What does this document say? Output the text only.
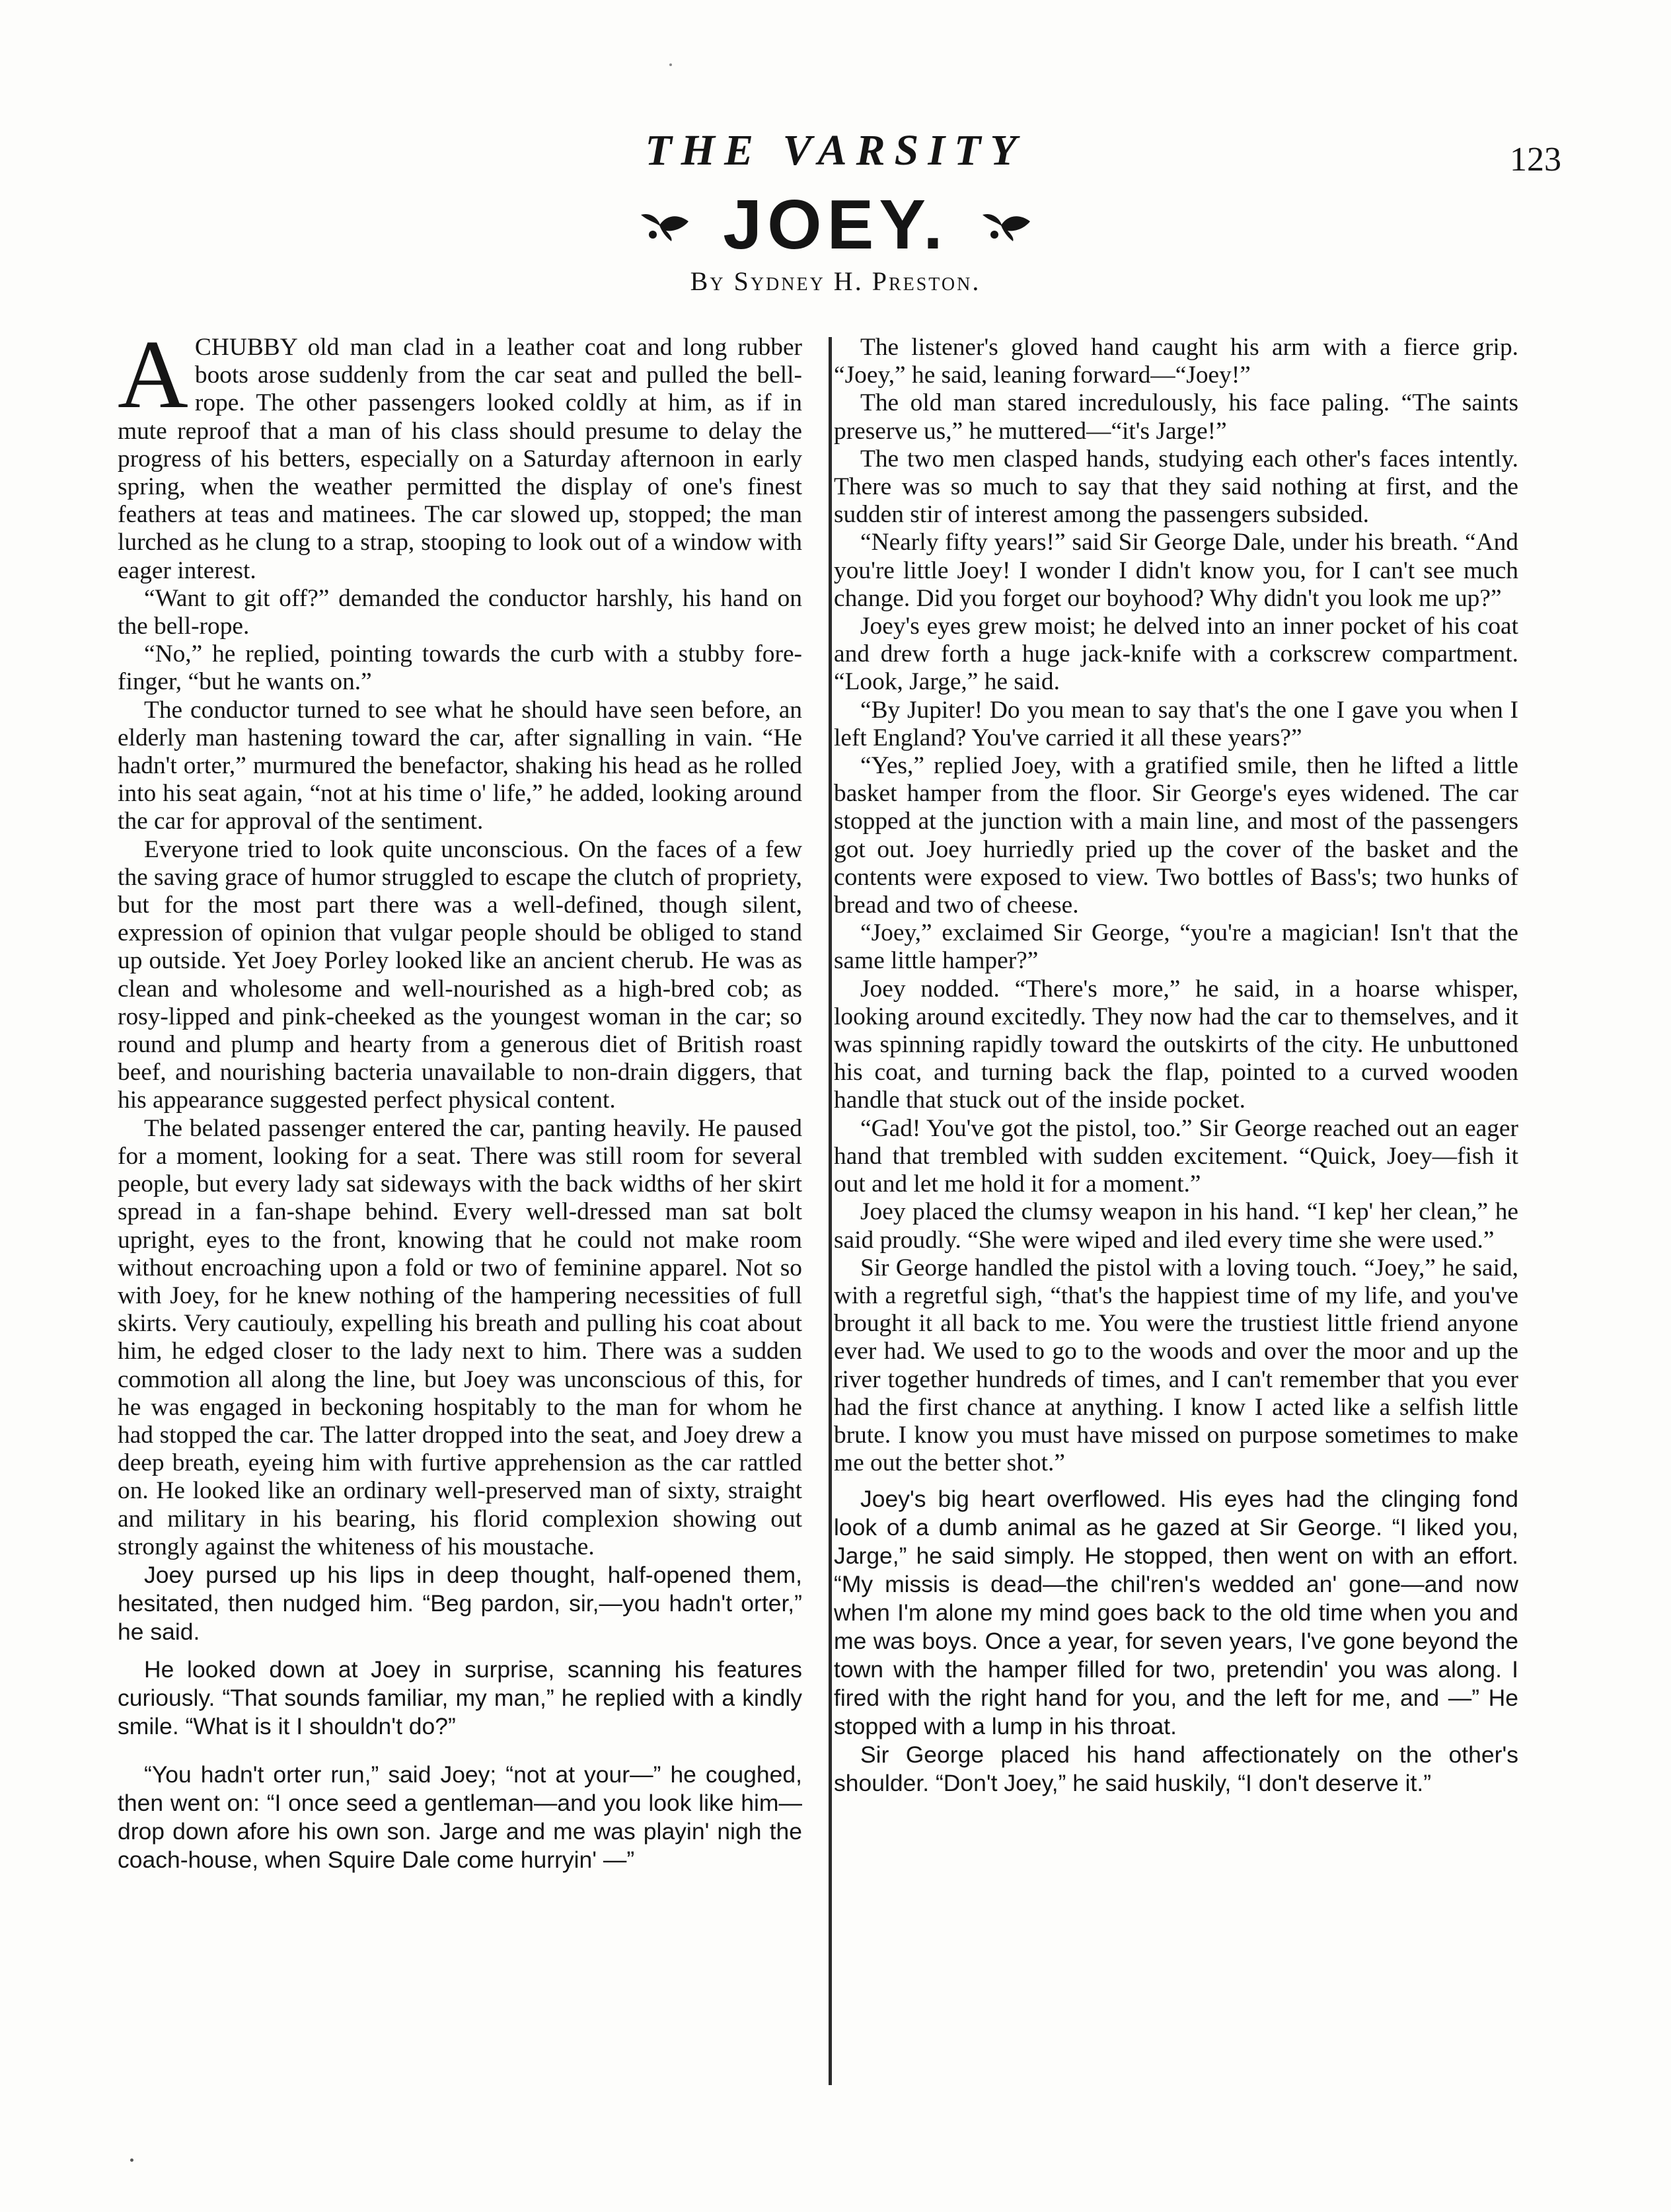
THE VARSITY	123
JOEY.
By Sydney H. Preston.

ACHUBBY old man clad in a leather coat and long rubber boots arose suddenly from the car seat and pulled the bell-rope. The other passengers looked coldly at him, as if in mute reproof that a man of his class should presume to delay the progress of his betters, especially on a Saturday afternoon in early spring, when the weather permitted the display of one's finest feathers at teas and matinees. The car slowed up, stopped; the man lurched as he clung to a strap, stooping to look out of a window with eager interest.

“Want to git off?” demanded the conductor harshly, his hand on the bell-rope.

“No,” he replied, pointing towards the curb with a stubby fore-finger, “but he wants on.”

The conductor turned to see what he should have seen before, an elderly man hastening toward the car, after signalling in vain. “He hadn't orter,” murmured the benefactor, shaking his head as he rolled into his seat again, “not at his time o' life,” he added, looking around the car for approval of the sentiment.

Everyone tried to look quite unconscious. On the faces of a few the saving grace of humor struggled to escape the clutch of propriety, but for the most part there was a well-defined, though silent, expression of opinion that vulgar people should be obliged to stand up outside. Yet Joey Porley looked like an ancient cherub. He was as clean and wholesome and well-nourished as a high-bred cob; as rosy-lipped and pink-cheeked as the youngest woman in the car; so round and plump and hearty from a generous diet of British roast beef, and nourishing bacteria unavailable to non-drain diggers, that his appearance suggested perfect physical content.

The belated passenger entered the car, panting heavily. He paused for a moment, looking for a seat. There was still room for several people, but every lady sat sideways with the back widths of her skirt spread in a fan-shape behind. Every well-dressed man sat bolt upright, eyes to the front, knowing that he could not make room without encroaching upon a fold or two of feminine apparel. Not so with Joey, for he knew nothing of the hampering necessities of full skirts. Very cautiouly, expelling his breath and pulling his coat about him, he edged closer to the lady next to him. There was a sudden commotion all along the line, but Joey was unconscious of this, for he was engaged in beckoning hospitably to the man for whom he had stopped the car. The latter dropped into the seat, and Joey drew a deep breath, eyeing him with furtive apprehension as the car rattled on. He looked like an ordinary well-preserved man of sixty, straight and military in his bearing, his florid complexion showing out strongly against the whiteness of his moustache.

Joey pursed up his lips in deep thought, half-opened them, hesitated, then nudged him. “Beg pardon, sir,—you hadn't orter,” he said.

He looked down at Joey in surprise, scanning his features curiously. “That sounds familiar, my man,” he replied with a kindly smile. “What is it I shouldn't do?”

“You hadn't orter run,” said Joey; “not at your—” he coughed, then went on: “I once seed a gentleman—and you look like him—drop down afore his own son. Jarge and me was playin' nigh the coach-house, when Squire Dale come hurryin' —”

The listener's gloved hand caught his arm with a fierce grip. “Joey,” he said, leaning forward—“Joey!”

The old man stared incredulously, his face paling. “The saints preserve us,” he muttered—“it's Jarge!”

The two men clasped hands, studying each other's faces intently. There was so much to say that they said nothing at first, and the sudden stir of interest among the passengers subsided.

“Nearly fifty years!” said Sir George Dale, under his breath. “And you're little Joey! I wonder I didn't know you, for I can't see much change. Did you forget our boyhood? Why didn't you look me up?”

Joey's eyes grew moist; he delved into an inner pocket of his coat and drew forth a huge jack-knife with a corkscrew compartment. “Look, Jarge,” he said.

“By Jupiter! Do you mean to say that's the one I gave you when I left England? You've carried it all these years?”

“Yes,” replied Joey, with a gratified smile, then he lifted a little basket hamper from the floor. Sir George's eyes widened. The car stopped at the junction with a main line, and most of the passengers got out. Joey hurriedly pried up the cover of the basket and the contents were exposed to view. Two bottles of Bass's; two hunks of bread and two of cheese.

“Joey,” exclaimed Sir George, “you're a magician! Isn't that the same little hamper?”

Joey nodded. “There's more,” he said, in a hoarse whisper, looking around excitedly. They now had the car to themselves, and it was spinning rapidly toward the outskirts of the city. He unbuttoned his coat, and turning back the flap, pointed to a curved wooden handle that stuck out of the inside pocket.

“Gad! You've got the pistol, too.” Sir George reached out an eager hand that trembled with sudden excitement. “Quick, Joey—fish it out and let me hold it for a moment.”

Joey placed the clumsy weapon in his hand. “I kep' her clean,” he said proudly. “She were wiped and iled every time she were used.”

Sir George handled the pistol with a loving touch. “Joey,” he said, with a regretful sigh, “that's the happiest time of my life, and you've brought it all back to me. You were the trustiest little friend anyone ever had. We used to go to the woods and over the moor and up the river together hundreds of times, and I can't remember that you ever had the first chance at anything. I know I acted like a selfish little brute. I know you must have missed on purpose sometimes to make me out the better shot.”

Joey's big heart overflowed. His eyes had the clinging fond look of a dumb animal as he gazed at Sir George. “I liked you, Jarge,” he said simply. He stopped, then went on with an effort. “My missis is dead—the chil'ren's wedded an' gone—and now when I'm alone my mind goes back to the old time when you and me was boys. Once a year, for seven years, I've gone beyond the town with the hamper filled for two, pretendin' you was along. I fired with the right hand for you, and the left for me, and —” He stopped with a lump in his throat.

Sir George placed his hand affectionately on the other's shoulder. “Don't Joey,” he said huskily, “I don't deserve it.”
